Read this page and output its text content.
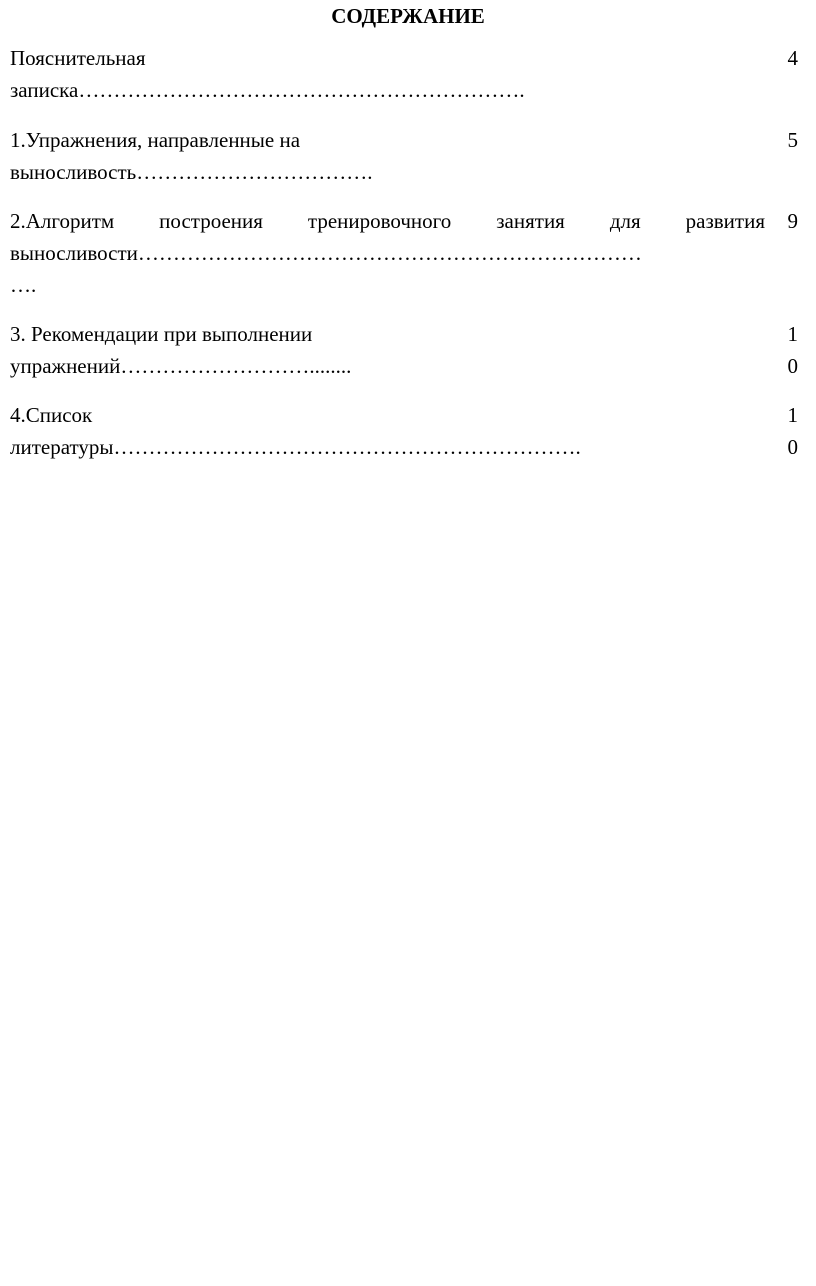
СОДЕРЖАНИЕ
Пояснительная
записка……………………………………………………….
4
1.Упражнения, направленные на
выносливость…………………………….
5
2.Алгоритм построения тренировочного занятия для развития
выносливости………………………………………………………………
….
9
3. Рекомендации при выполнении
упражнений………………………........
1
0
4.Список
литературы………………………………………………………….
1
0
